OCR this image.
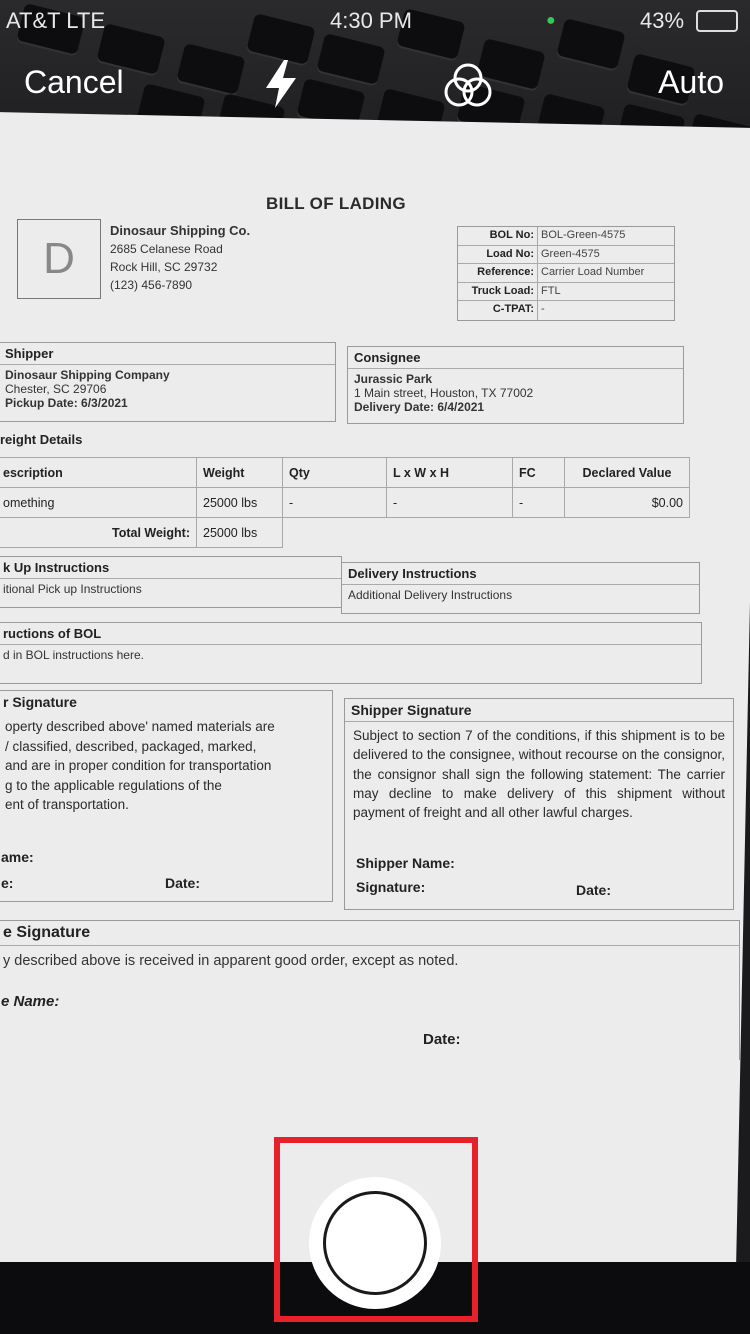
BILL OF LADING
D
Dinosaur Shipping Co.
2685 Celanese Road
Rock Hill, SC 29732
(123) 456-7890
BOL No: BOL-Green-4575
Load No: Green-4575
Reference: Carrier Load Number
Truck Load: FTL
C-TPAT: -
Shipper
Dinosaur Shipping Company
Chester, SC 29706
Pickup Date: 6/3/2021
Consignee
Jurassic Park
1 Main street, Houston, TX 77002
Delivery Date: 6/4/2021
reight Details
escription	Weight	Qty	L x W x H	FC	Declared Value
omething	25000 lbs	-	-	-	$0.00
Total Weight:	25000 lbs				
k Up Instructions
itional Pick up Instructions
Delivery Instructions
Additional Delivery Instructions
ructions of BOL
d in BOL instructions here.
r Signature
operty described above' named materials are
/ classified, described, packaged, marked,
and are in proper condition for transportation
g to the applicable regulations of the
ent of transportation.
ame:
e:	Date:
Shipper Signature
Subject to section 7 of the conditions, if this shipment is to be delivered to the consignee, without recourse on the consignor, the consignor shall sign the following statement: The carrier may decline to make delivery of this shipment without payment of freight and all other lawful charges.
Shipper Name:
Signature:	Date:
e Signature
y described above is received in apparent good order, except as noted.
e Name:
Date:
AT&T LTE	4:30 PM	●	43%
Cancel	Auto
